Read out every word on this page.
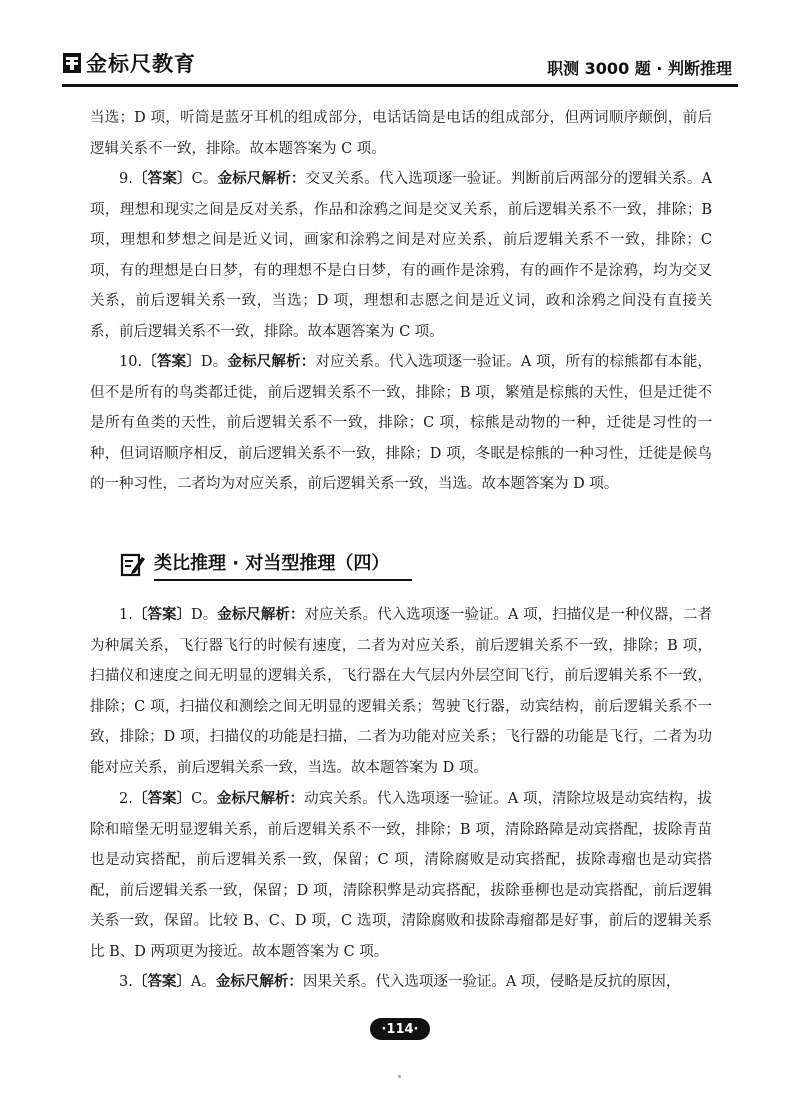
金标尺教育	职测 3000 题 · 判断推理
当选；D 项，听筒是蓝牙耳机的组成部分，电话话筒是电话的组成部分，但两词顺序颠倒，前后逻辑关系不一致，排除。故本题答案为 C 项。
9.〔答案〕C。金标尺解析：交叉关系。代入选项逐一验证。判断前后两部分的逻辑关系。A 项，理想和现实之间是反对关系，作品和涂鸦之间是交叉关系，前后逻辑关系不一致，排除；B 项，理想和梦想之间是近义词，画家和涂鸦之间是对应关系，前后逻辑关系不一致，排除；C 项，有的理想是白日梦，有的理想不是白日梦，有的画作是涂鸦，有的画作不是涂鸦，均为交叉关系，前后逻辑关系一致，当选；D 项，理想和志愿之间是近义词，政和涂鸦之间没有直接关系，前后逻辑关系不一致，排除。故本题答案为 C 项。
10.〔答案〕D。金标尺解析：对应关系。代入选项逐一验证。A 项，所有的棕熊都有本能，但不是所有的鸟类都迁徙，前后逻辑关系不一致，排除；B 项，繁殖是棕熊的天性，但是迁徙不是所有鱼类的天性，前后逻辑关系不一致，排除；C 项，棕熊是动物的一种，迁徙是习性的一种，但词语顺序相反，前后逻辑关系不一致，排除；D 项，冬眠是棕熊的一种习性，迁徙是候鸟的一种习性，二者均为对应关系，前后逻辑关系一致，当选。故本题答案为 D 项。
类比推理 · 对当型推理（四）
1.〔答案〕D。金标尺解析：对应关系。代入选项逐一验证。A 项，扫描仪是一种仪器，二者为种属关系，飞行器飞行的时候有速度，二者为对应关系，前后逻辑关系不一致，排除；B 项，扫描仪和速度之间无明显的逻辑关系，飞行器在大气层内外层空间飞行，前后逻辑关系不一致，排除；C 项，扫描仪和测绘之间无明显的逻辑关系；驾驶飞行器，动宾结构，前后逻辑关系不一致，排除；D 项，扫描仪的功能是扫描，二者为功能对应关系；飞行器的功能是飞行，二者为功能对应关系，前后逻辑关系一致，当选。故本题答案为 D 项。
2.〔答案〕C。金标尺解析：动宾关系。代入选项逐一验证。A 项，清除垃圾是动宾结构，拔除和暗堡无明显逻辑关系，前后逻辑关系不一致，排除；B 项，清除路障是动宾搭配，拔除青苗也是动宾搭配，前后逻辑关系一致，保留；C 项，清除腐败是动宾搭配，拔除毒瘤也是动宾搭配，前后逻辑关系一致，保留；D 项，清除积弊是动宾搭配，拔除垂柳也是动宾搭配，前后逻辑关系一致，保留。比较 B、C、D 项，C 选项，清除腐败和拔除毒瘤都是好事，前后的逻辑关系比 B、D 两项更为接近。故本题答案为 C 项。
3.〔答案〕A。金标尺解析：因果关系。代入选项逐一验证。A 项，侵略是反抗的原因，
·114·
